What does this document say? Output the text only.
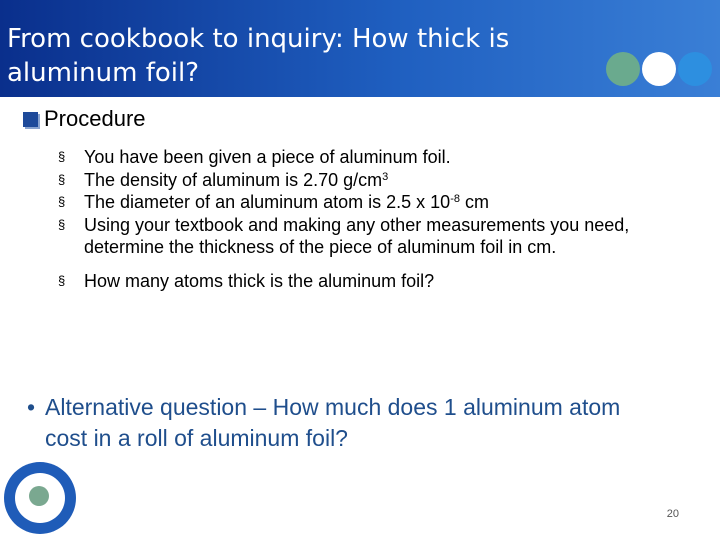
From cookbook to inquiry: How thick is aluminum foil?
Procedure
§ You have been given a piece of aluminum foil.
§ The density of aluminum is 2.70 $g/cm^3$
§ The diameter of an aluminum atom is 2.5 x $10^{-8}$ cm
§ Using your textbook and making any other measurements you need, determine the thickness of the piece of aluminum foil in cm.
§ How many atoms thick is the aluminum foil?
• Alternative question – How much does 1 aluminum atom cost in a roll of aluminum foil?
20
